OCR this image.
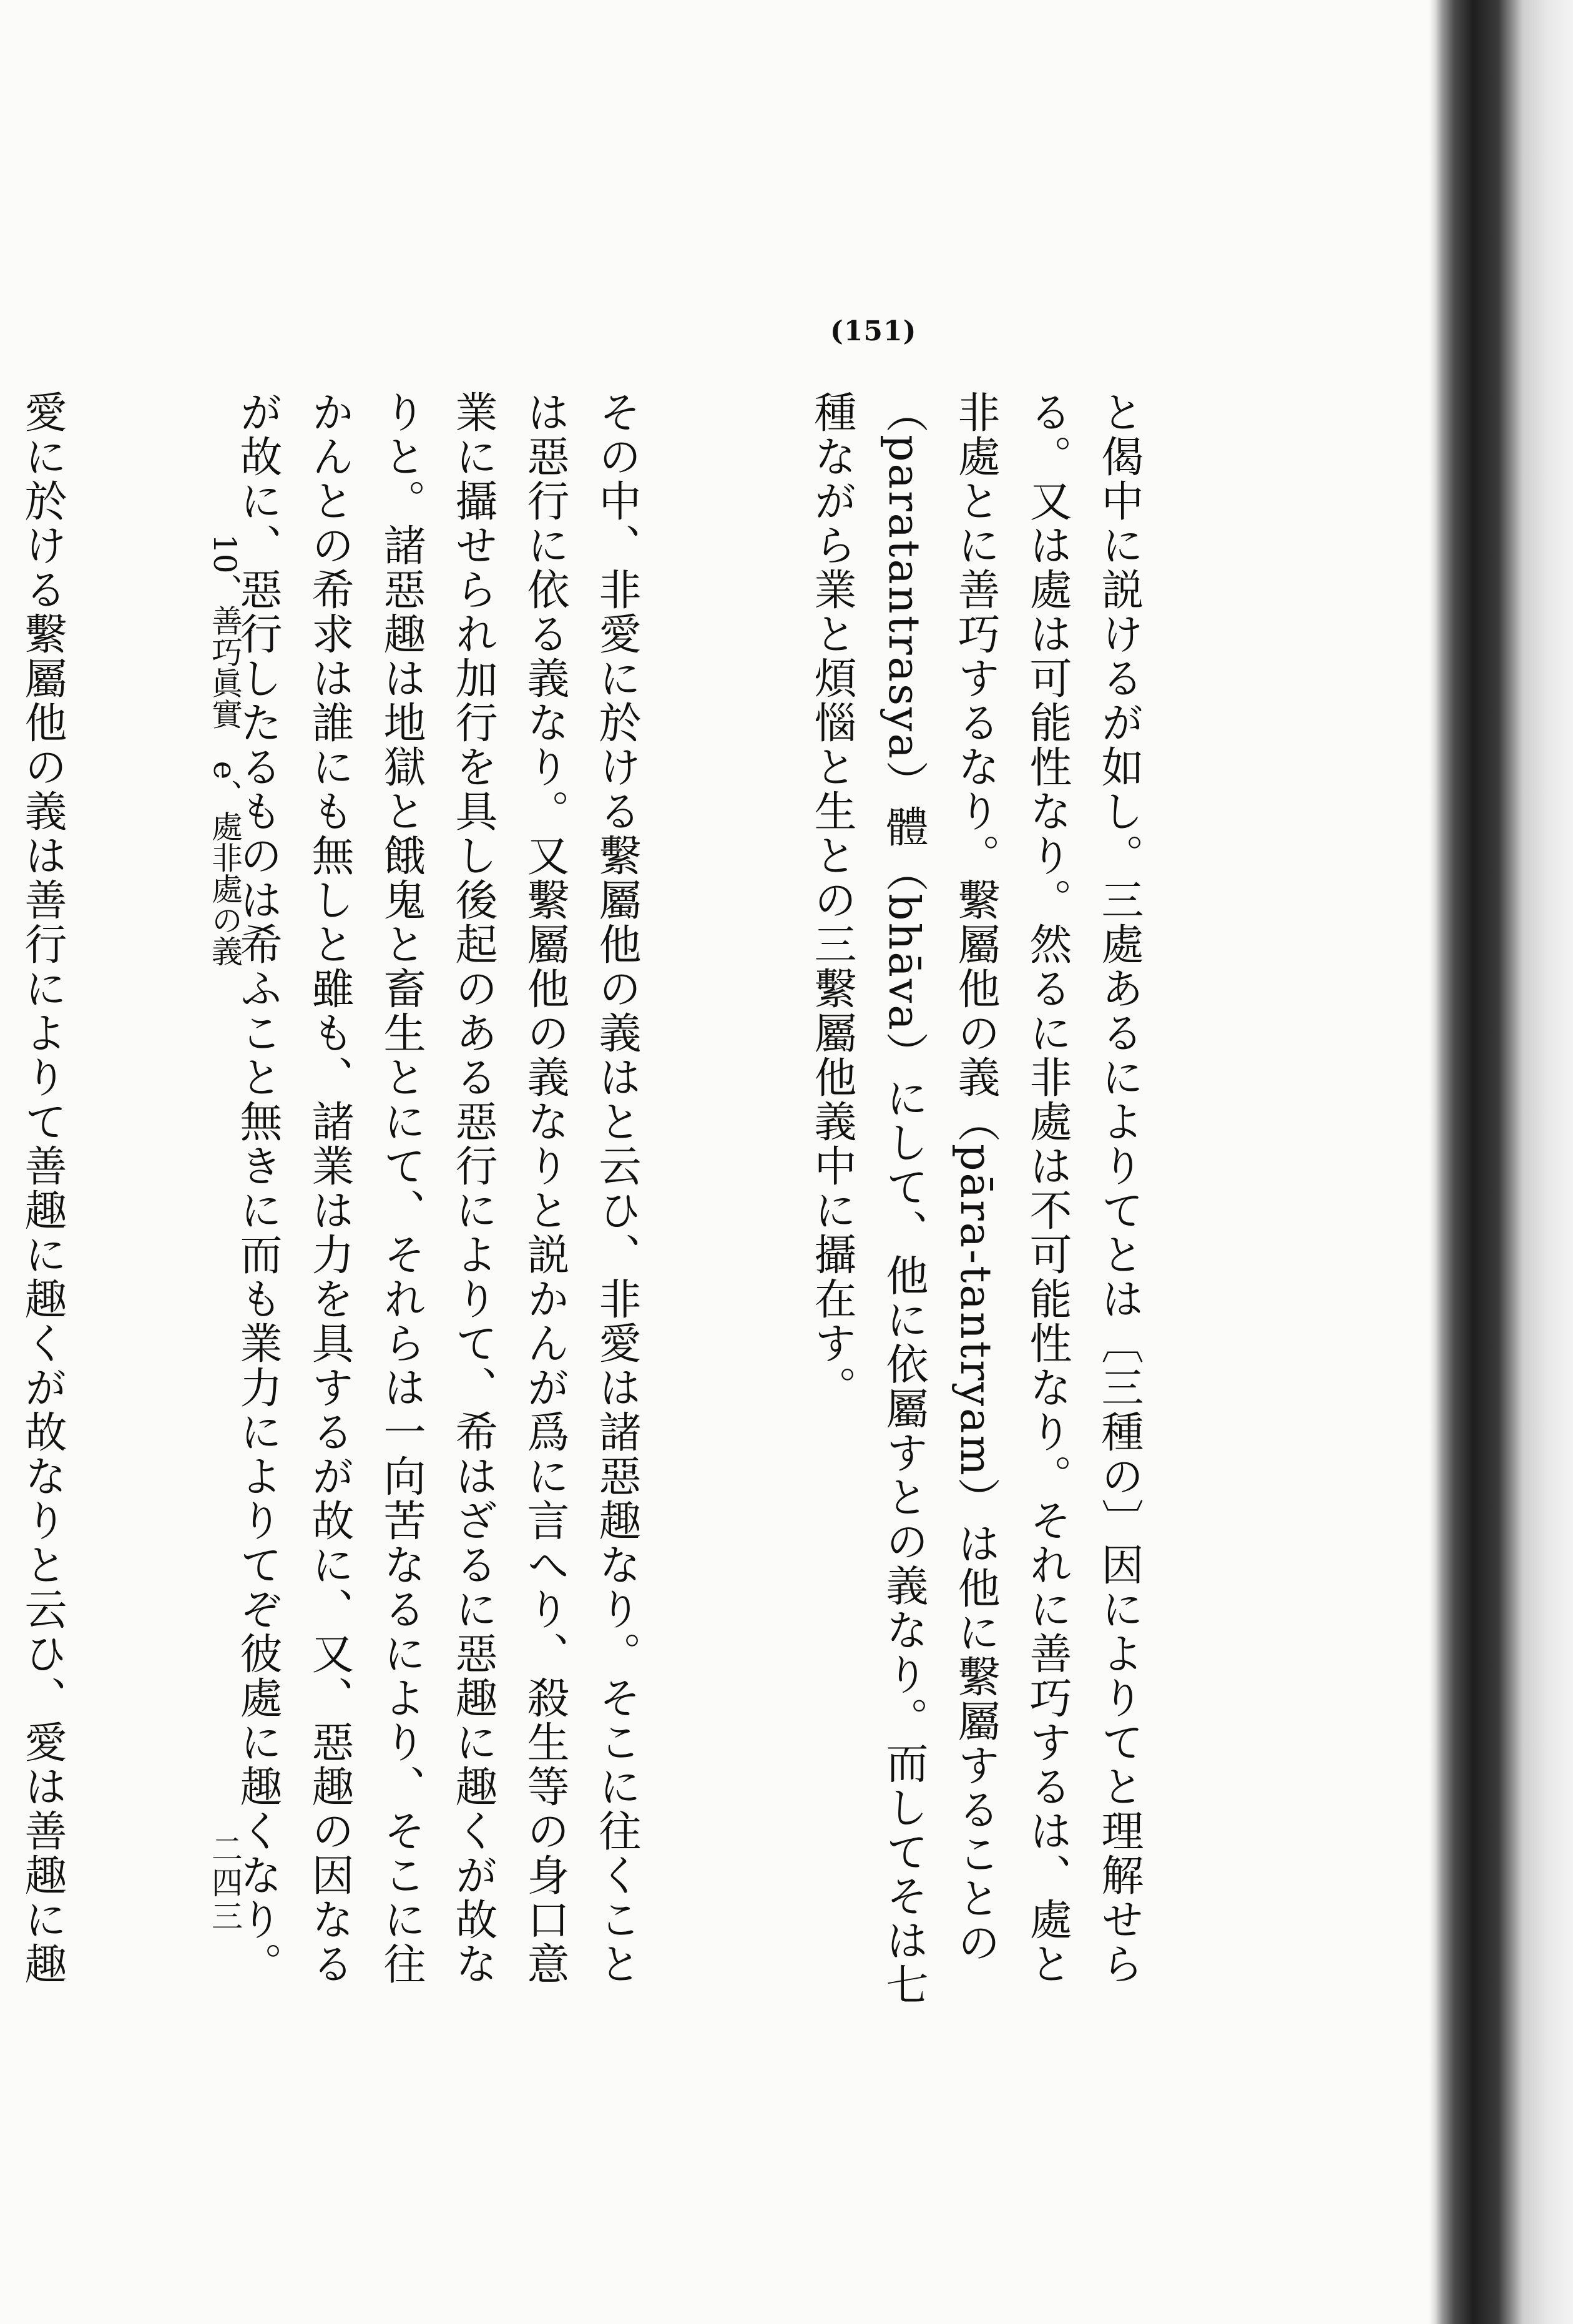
(151)

と偈中に説けるが如し。三處あるによりてとは〔三種の〕因によりてと理解せらる。又は處は可能性なり。然るに非處は不可能性なり。それに善巧するは、處と非處とに善巧するなり。繫屬他の義（pāra-tantryam）は他に繫屬することの（paratantrasya）體（bhāva）にして、他に依屬すとの義なり。而してそは七種ながら業と煩惱と生との三繫屬他義中に攝在す。

その中、非愛に於ける繫屬他の義はと云ひ、非愛は諸惡趣なり。そこに往くことは惡行に依る義なり。又繫屬他の義なりと説かんが爲に言へり、殺生等の身口意業に攝せられ加行を具し後起のある惡行によりて、希はざるに惡趣に趣くが故なりと。諸惡趣は地獄と餓鬼と畜生とにて、それらは一向苦なるにより、そこに往かんとの希求は誰にも無しと雖も、諸業は力を具するが故に、又、惡趣の因なるが故に、惡行したるものは希ふこと無きに而も業力によりてぞ彼處に趣くなり。

愛に於ける繫屬他の義は善行によりて善趣に趣くが故なりと云ひ、愛は善趣に趣

10、善巧眞實　e、處非處の義
二四三
